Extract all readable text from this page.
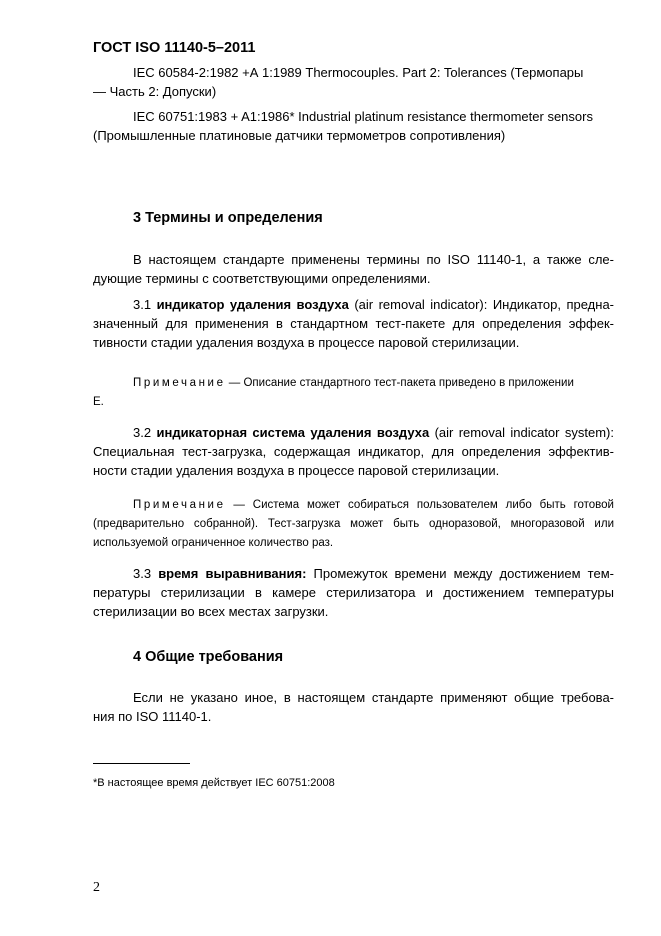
ГОСТ ISO 11140-5–2011
IEC 60584-2:1982 +А 1:1989 Thermocouples. Part 2: Tolerances (Термопары
— Часть 2: Допуски)
IEC 60751:1983 + A1:1986* Industrial platinum resistance thermometer sensors
(Промышленные платиновые датчики термометров сопротивления)
3 Термины и определения
В настоящем стандарте применены термины по ISO 11140-1, а также сле-
дующие термины с соответствующими определениями.
3.1 индикатор удаления воздуха (air removal indicator): Индикатор, предна-
значенный для применения в стандартном тест-пакете для определения эффек-
тивности стадии удаления воздуха в процессе паровой стерилизации.
Примечание — Описание стандартного тест-пакета приведено в приложении
Е.
3.2 индикаторная система удаления воздуха (air removal indicator system):
Специальная тест-загрузка, содержащая индикатор, для определения эффектив-
ности стадии удаления воздуха в процессе паровой стерилизации.
Примечание — Система может собираться пользователем либо быть готовой
(предварительно собранной). Тест-загрузка может быть одноразовой, многоразовой или
используемой ограниченное количество раз.
3.3 время выравнивания: Промежуток времени между достижением тем-
пературы стерилизации в камере стерилизатора и достижением температуры
стерилизации во всех местах загрузки.
4 Общие требования
Если не указано иное, в настоящем стандарте применяют общие требова-
ния по ISO 11140-1.
*В настоящее время действует IEC 60751:2008
2
